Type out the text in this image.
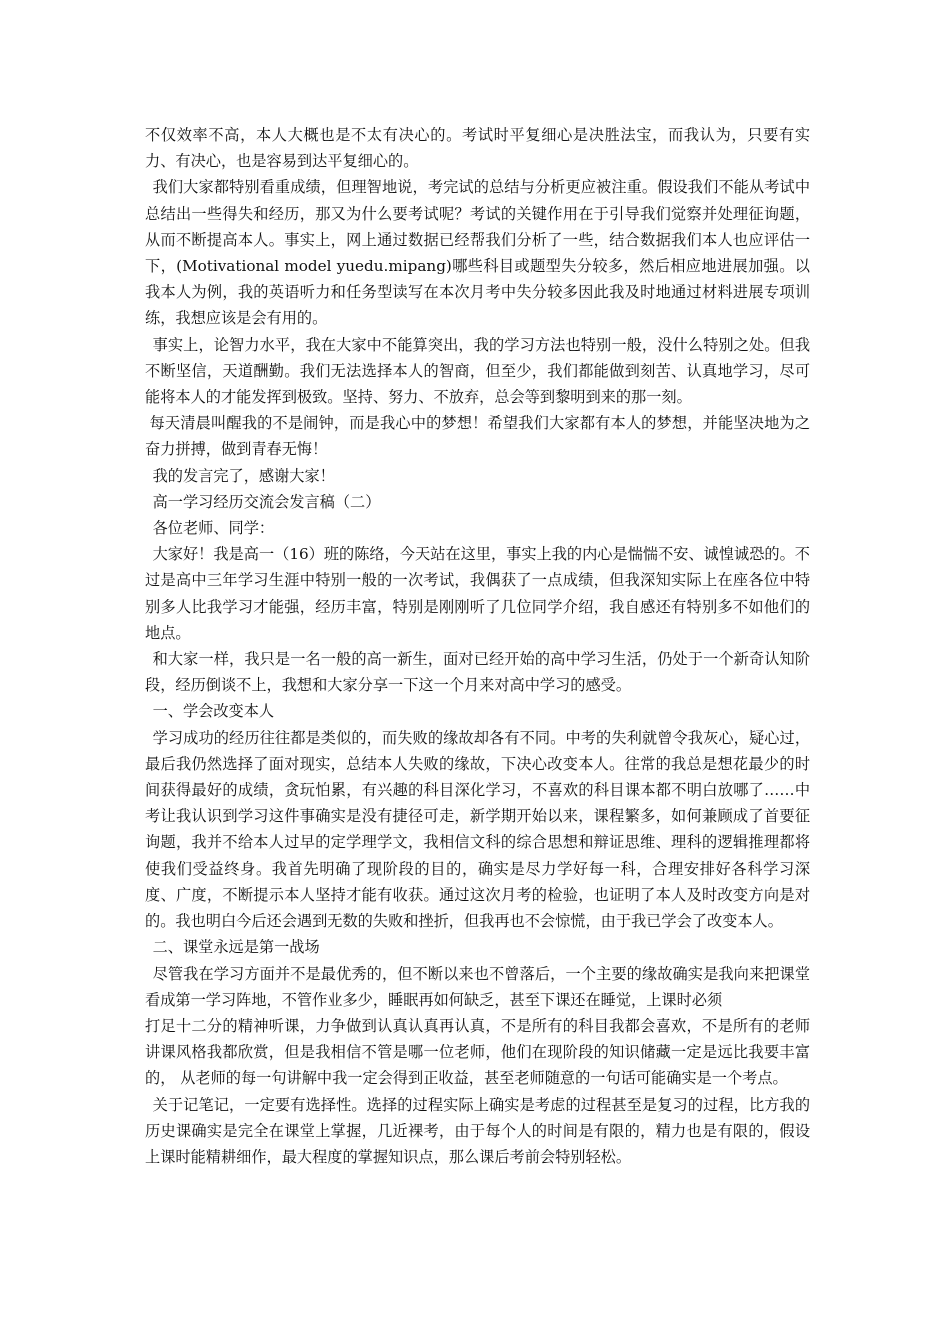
不仅效率不高，本人大概也是不太有决心的。考试时平复细心是决胜法宝，而我认为，只要有实力、有决心，也是容易到达平复细心的。

我们大家都特别看重成绩，但理智地说，考完试的总结与分析更应被注重。假设我们不能从考试中总结出一些得失和经历，那又为什么要考试呢？考试的关键作用在于引导我们觉察并处理征询题，从而不断提高本人。事实上，网上通过数据已经帮我们分析了一些，结合数据我们本人也应评估一下，(Motivational model yuedu.mipang)哪些科目或题型失分较多，然后相应地进展加强。以我本人为例，我的英语听力和任务型读写在本次月考中失分较多因此我及时地通过材料进展专项训练，我想应该是会有用的。

事实上，论智力水平，我在大家中不能算突出，我的学习方法也特别一般，没什么特别之处。但我不断坚信，天道酬勤。我们无法选择本人的智商，但至少，我们都能做到刻苦、认真地学习，尽可能将本人的才能发挥到极致。坚持、努力、不放弃，总会等到黎明到来的那一刻。

每天清晨叫醒我的不是闹钟，而是我心中的梦想！希望我们大家都有本人的梦想，并能坚决地为之奋力拼搏，做到青春无悔！

我的发言完了，感谢大家！

高一学习经历交流会发言稿（二）

各位老师、同学：

大家好！我是高一（16）班的陈络，今天站在这里，事实上我的内心是惴惴不安、诚惶诚恐的。不过是高中三年学习生涯中特别一般的一次考试，我偶获了一点成绩，但我深知实际上在座各位中特别多人比我学习才能强，经历丰富，特别是刚刚听了几位同学介绍，我自感还有特别多不如他们的地点。

和大家一样，我只是一名一般的高一新生，面对已经开始的高中学习生活，仍处于一个新奇认知阶段，经历倒谈不上，我想和大家分享一下这一个月来对高中学习的感受。

一、学会改变本人

学习成功的经历往往都是类似的，而失败的缘故却各有不同。中考的失利就曾令我灰心，疑心过，最后我仍然选择了面对现实，总结本人失败的缘故，下决心改变本人。往常的我总是想花最少的时间获得最好的成绩，贪玩怕累，有兴趣的科目深化学习，不喜欢的科目课本都不明白放哪了……中考让我认识到学习这件事确实是没有捷径可走，新学期开始以来，课程繁多，如何兼顾成了首要征询题，我并不给本人过早的定学理学文，我相信文科的综合思想和辩证思维、理科的逻辑推理都将使我们受益终身。我首先明确了现阶段的目的，确实是尽力学好每一科，合理安排好各科学习深度、广度，不断提示本人坚持才能有收获。通过这次月考的检验，也证明了本人及时改变方向是对的。我也明白今后还会遇到无数的失败和挫折，但我再也不会惊慌，由于我已学会了改变本人。

二、课堂永远是第一战场

尽管我在学习方面并不是最优秀的，但不断以来也不曾落后，一个主要的缘故确实是我向来把课堂看成第一学习阵地，不管作业多少，睡眠再如何缺乏，甚至下课还在睡觉，上课时必须

打足十二分的精神听课，力争做到认真认真再认真，不是所有的科目我都会喜欢，不是所有的老师讲课风格我都欣赏，但是我相信不管是哪一位老师，他们在现阶段的知识储藏一定是远比我要丰富的， 从老师的每一句讲解中我一定会得到正收益，甚至老师随意的一句话可能确实是一个考点。

关于记笔记，一定要有选择性。选择的过程实际上确实是考虑的过程甚至是复习的过程，比方我的历史课确实是完全在课堂上掌握，几近裸考，由于每个人的时间是有限的，精力也是有限的，假设上课时能精耕细作，最大程度的掌握知识点，那么课后考前会特别轻松。
